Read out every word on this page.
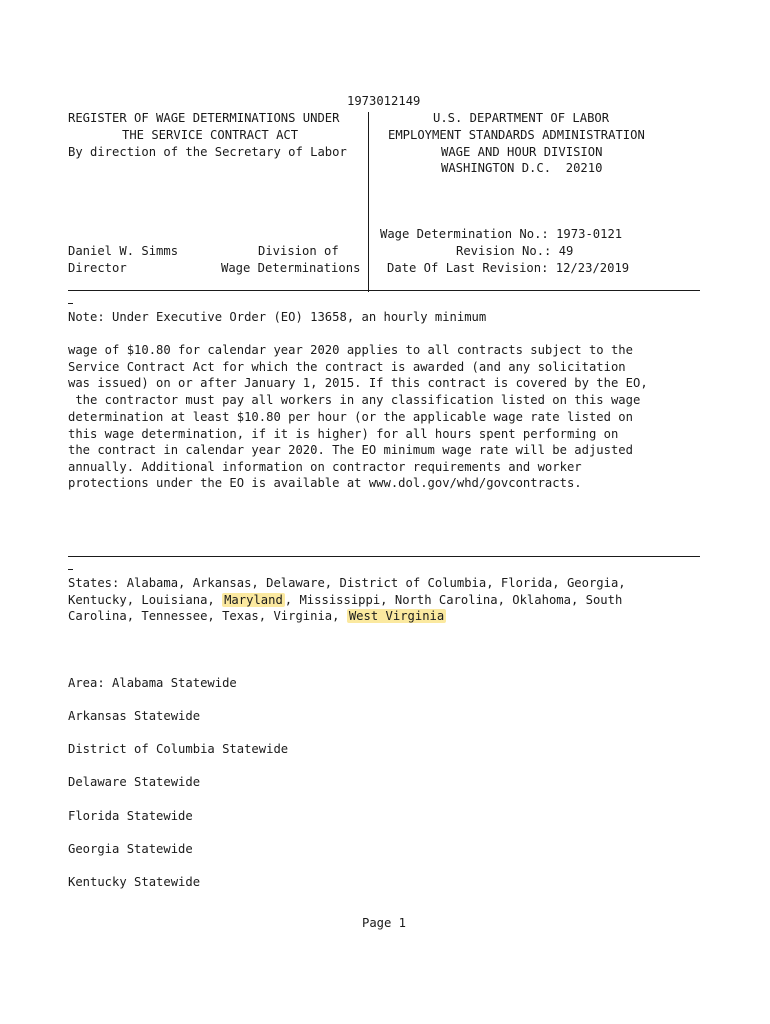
1973012149
REGISTER OF WAGE DETERMINATIONS UNDER
THE SERVICE CONTRACT ACT
By direction of the Secretary of Labor
U.S. DEPARTMENT OF LABOR
EMPLOYMENT STANDARDS ADMINISTRATION
WAGE AND HOUR DIVISION
WASHINGTON D.C.  20210
Wage Determination No.: 1973-0121
Revision No.: 49
Date Of Last Revision: 12/23/2019
Daniel W. Simms
Director
Division of
Wage Determinations
Note: Under Executive Order (EO) 13658, an hourly minimum
wage of $10.80 for calendar year 2020 applies to all contracts subject to the
Service Contract Act for which the contract is awarded (and any solicitation
was issued) on or after January 1, 2015. If this contract is covered by the EO,
the contractor must pay all workers in any classification listed on this wage
determination at least $10.80 per hour (or the applicable wage rate listed on
this wage determination, if it is higher) for all hours spent performing on
the contract in calendar year 2020. The EO minimum wage rate will be adjusted
annually. Additional information on contractor requirements and worker
protections under the EO is available at www.dol.gov/whd/govcontracts.
States: Alabama, Arkansas, Delaware, District of Columbia, Florida, Georgia,
Kentucky, Louisiana, Maryland , Mississippi, North Carolina, Oklahoma, South
Carolina, Tennessee, Texas, Virginia, West Virginia
Area: Alabama Statewide
Arkansas Statewide
District of Columbia Statewide
Delaware Statewide
Florida Statewide
Georgia Statewide
Kentucky Statewide
Page 1
